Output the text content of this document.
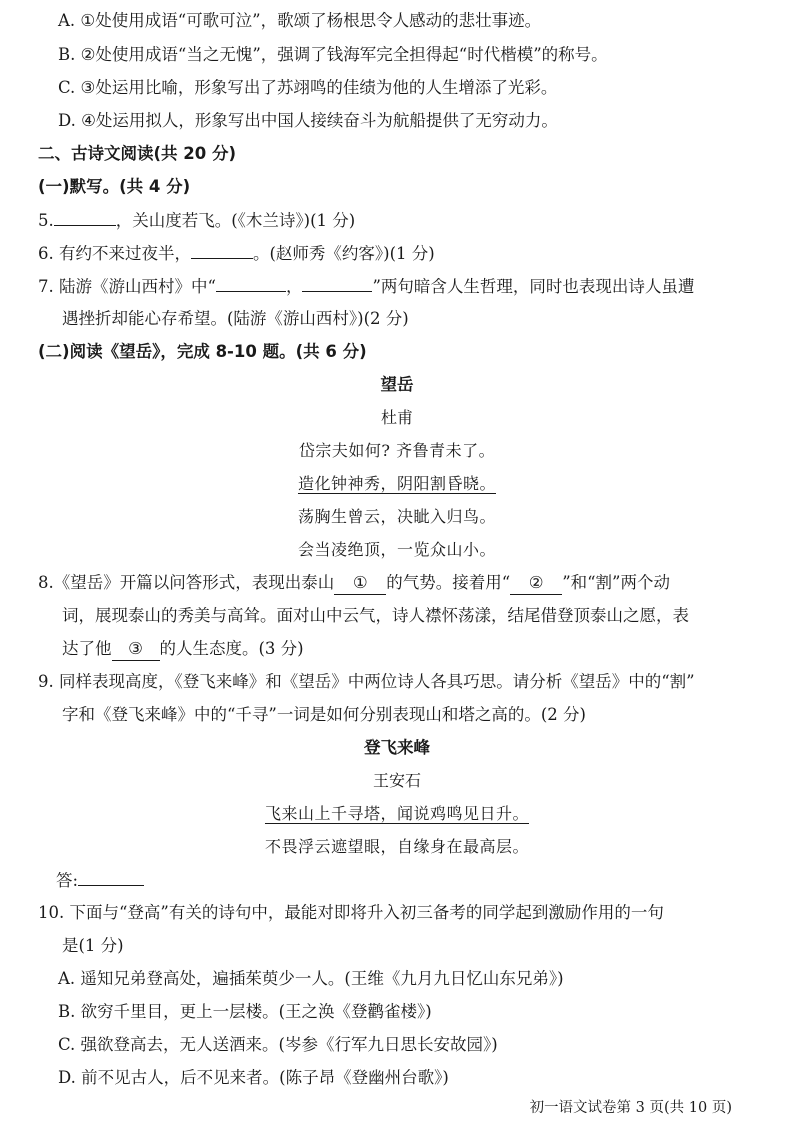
A. ①处使用成语“可歌可泣”，歌颂了杨根思令人感动的悲壮事迹。
B. ②处使用成语“当之无愧”，强调了钱海军完全担得起“时代楷模”的称号。
C. ③处运用比喻，形象写出了苏翊鸣的佳绩为他的人生增添了光彩。
D. ④处运用拟人，形象写出中国人接续奋斗为航船提供了无穷动力。
二、古诗文阅读(共 20 分)
(一)默写。(共 4 分)
5.	，关山度若飞。(《木兰诗》)(1 分)
6. 有约不来过夜半，	。(赵师秀《约客》)(1 分)
7. 陆游《游山西村》中“	，	”两句暗含人生哲理，同时也表现出诗人虽遭
遇挫折却能心存希望。(陆游《游山西村》)(2 分)
(二)阅读《望岳》，完成 8-10 题。(共 6 分)
望岳
杜甫
岱宗夫如何? 齐鲁青未了。
造化钟神秀，阴阳割昏晓。
荡胸生曾云，决眦入归鸟。
会当凌绝顶，一览众山小。
8.《望岳》开篇以问答形式，表现出泰山 ① 的气势。接着用“ ② ”和“割”两个动
词，展现泰山的秀美与高耸。面对山中云气，诗人襟怀荡漾，结尾借登顶泰山之愿，表
达了他 ③ 的人生态度。(3 分)
9. 同样表现高度，《登飞来峰》和《望岳》中两位诗人各具巧思。请分析《望岳》中的“割”
字和《登飞来峰》中的“千寻”一词是如何分别表现山和塔之高的。(2 分)
登飞来峰
王安石
飞来山上千寻塔，闻说鸡鸣见日升。
不畏浮云遮望眼，自缘身在最高层。
答:
10. 下面与“登高”有关的诗句中，最能对即将升入初三备考的同学起到激励作用的一句
是(1 分)
A. 遥知兄弟登高处，遍插茱萸少一人。(王维《九月九日忆山东兄弟》)
B. 欲穷千里目，更上一层楼。(王之涣《登鹳雀楼》)
C. 强欲登高去，无人送酒来。(岑参《行军九日思长安故园》)
D. 前不见古人，后不见来者。(陈子昂《登幽州台歌》)
初一语文试卷第 3 页(共 10 页)
